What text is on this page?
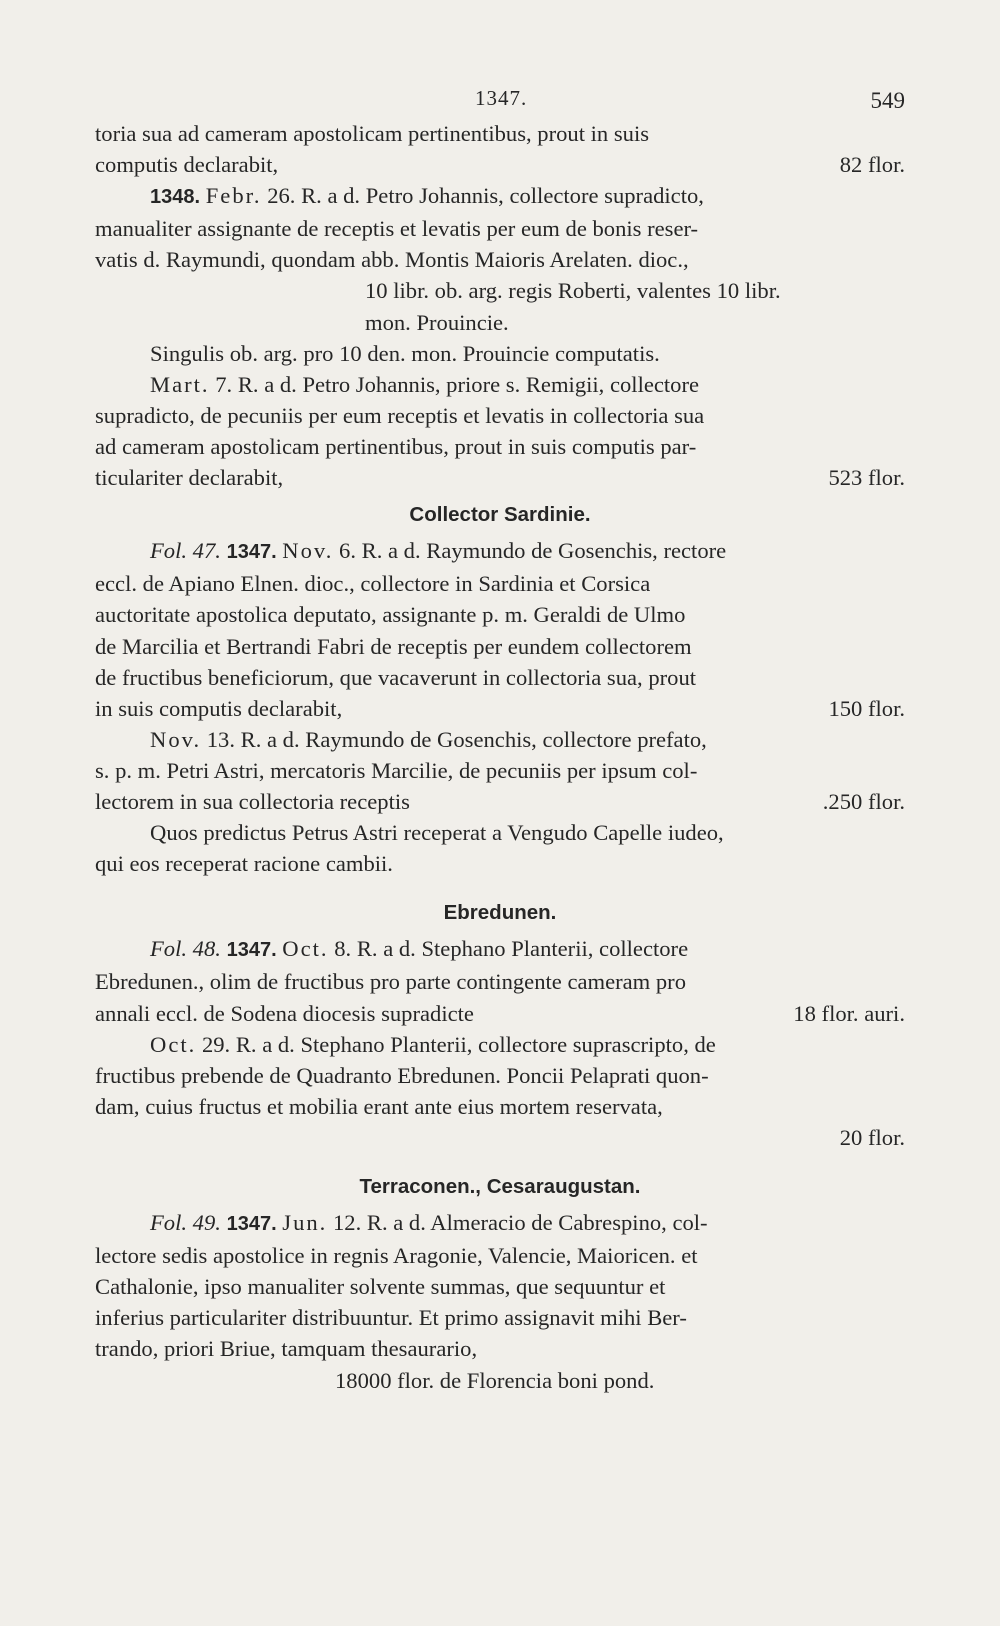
1347.	549

toria sua ad cameram apostolicam pertinentibus, prout in suis

computis declarabit,	82 flor.

1348. Febr. 26. R. a d. Petro Johannis, collectore supradicto,

manualiter assignante de receptis et levatis per eum de bonis reser-

vatis d. Raymundi, quondam abb. Montis Maioris Arelaten. dioc.,

10 libr. ob. arg. regis Roberti, valentes 10 libr.

mon. Prouincie.

Singulis ob. arg. pro 10 den. mon. Prouincie computatis.

Mart. 7. R. a d. Petro Johannis, priore s. Remigii, collectore

supradicto, de pecuniis per eum receptis et levatis in collectoria sua

ad cameram apostolicam pertinentibus, prout in suis computis par-

ticulariter declarabit,	523 flor.

Collector Sardinie.

Fol. 47. 1347. Nov. 6. R. a d. Raymundo de Gosenchis, rectore

eccl. de Apiano Elnen. dioc., collectore in Sardinia et Corsica

auctoritate apostolica deputato, assignante p. m. Geraldi de Ulmo

de Marcilia et Bertrandi Fabri de receptis per eundem collectorem

de fructibus beneficiorum, que vacaverunt in collectoria sua, prout

in suis computis declarabit,	150 flor.

Nov. 13. R. a d. Raymundo de Gosenchis, collectore prefato,

s. p. m. Petri Astri, mercatoris Marcilie, de pecuniis per ipsum col-

lectorem in sua collectoria receptis	.250 flor.

Quos predictus Petrus Astri receperat a Vengudo Capelle iudeo,

qui eos receperat racione cambii.

Ebredunen.

Fol. 48. 1347. Oct. 8. R. a d. Stephano Planterii, collectore

Ebredunen., olim de fructibus pro parte contingente cameram pro

annali eccl. de Sodena diocesis supradicte	18 flor. auri.

Oct. 29. R. a d. Stephano Planterii, collectore suprascripto, de

fructibus prebende de Quadranto Ebredunen. Poncii Pelaprati quon-

dam, cuius fructus et mobilia erant ante eius mortem reservata,

20 flor.

Terraconen., Cesaraugustan.

Fol. 49. 1347. Jun. 12. R. a d. Almeracio de Cabrespino, col-

lectore sedis apostolice in regnis Aragonie, Valencie, Maioricen. et

Cathalonie, ipso manualiter solvente summas, que sequuntur et

inferius particulariter distribuuntur. Et primo assignavit mihi Ber-

trando, priori Briue, tamquam thesaurario,

18000 flor. de Florencia boni pond.
